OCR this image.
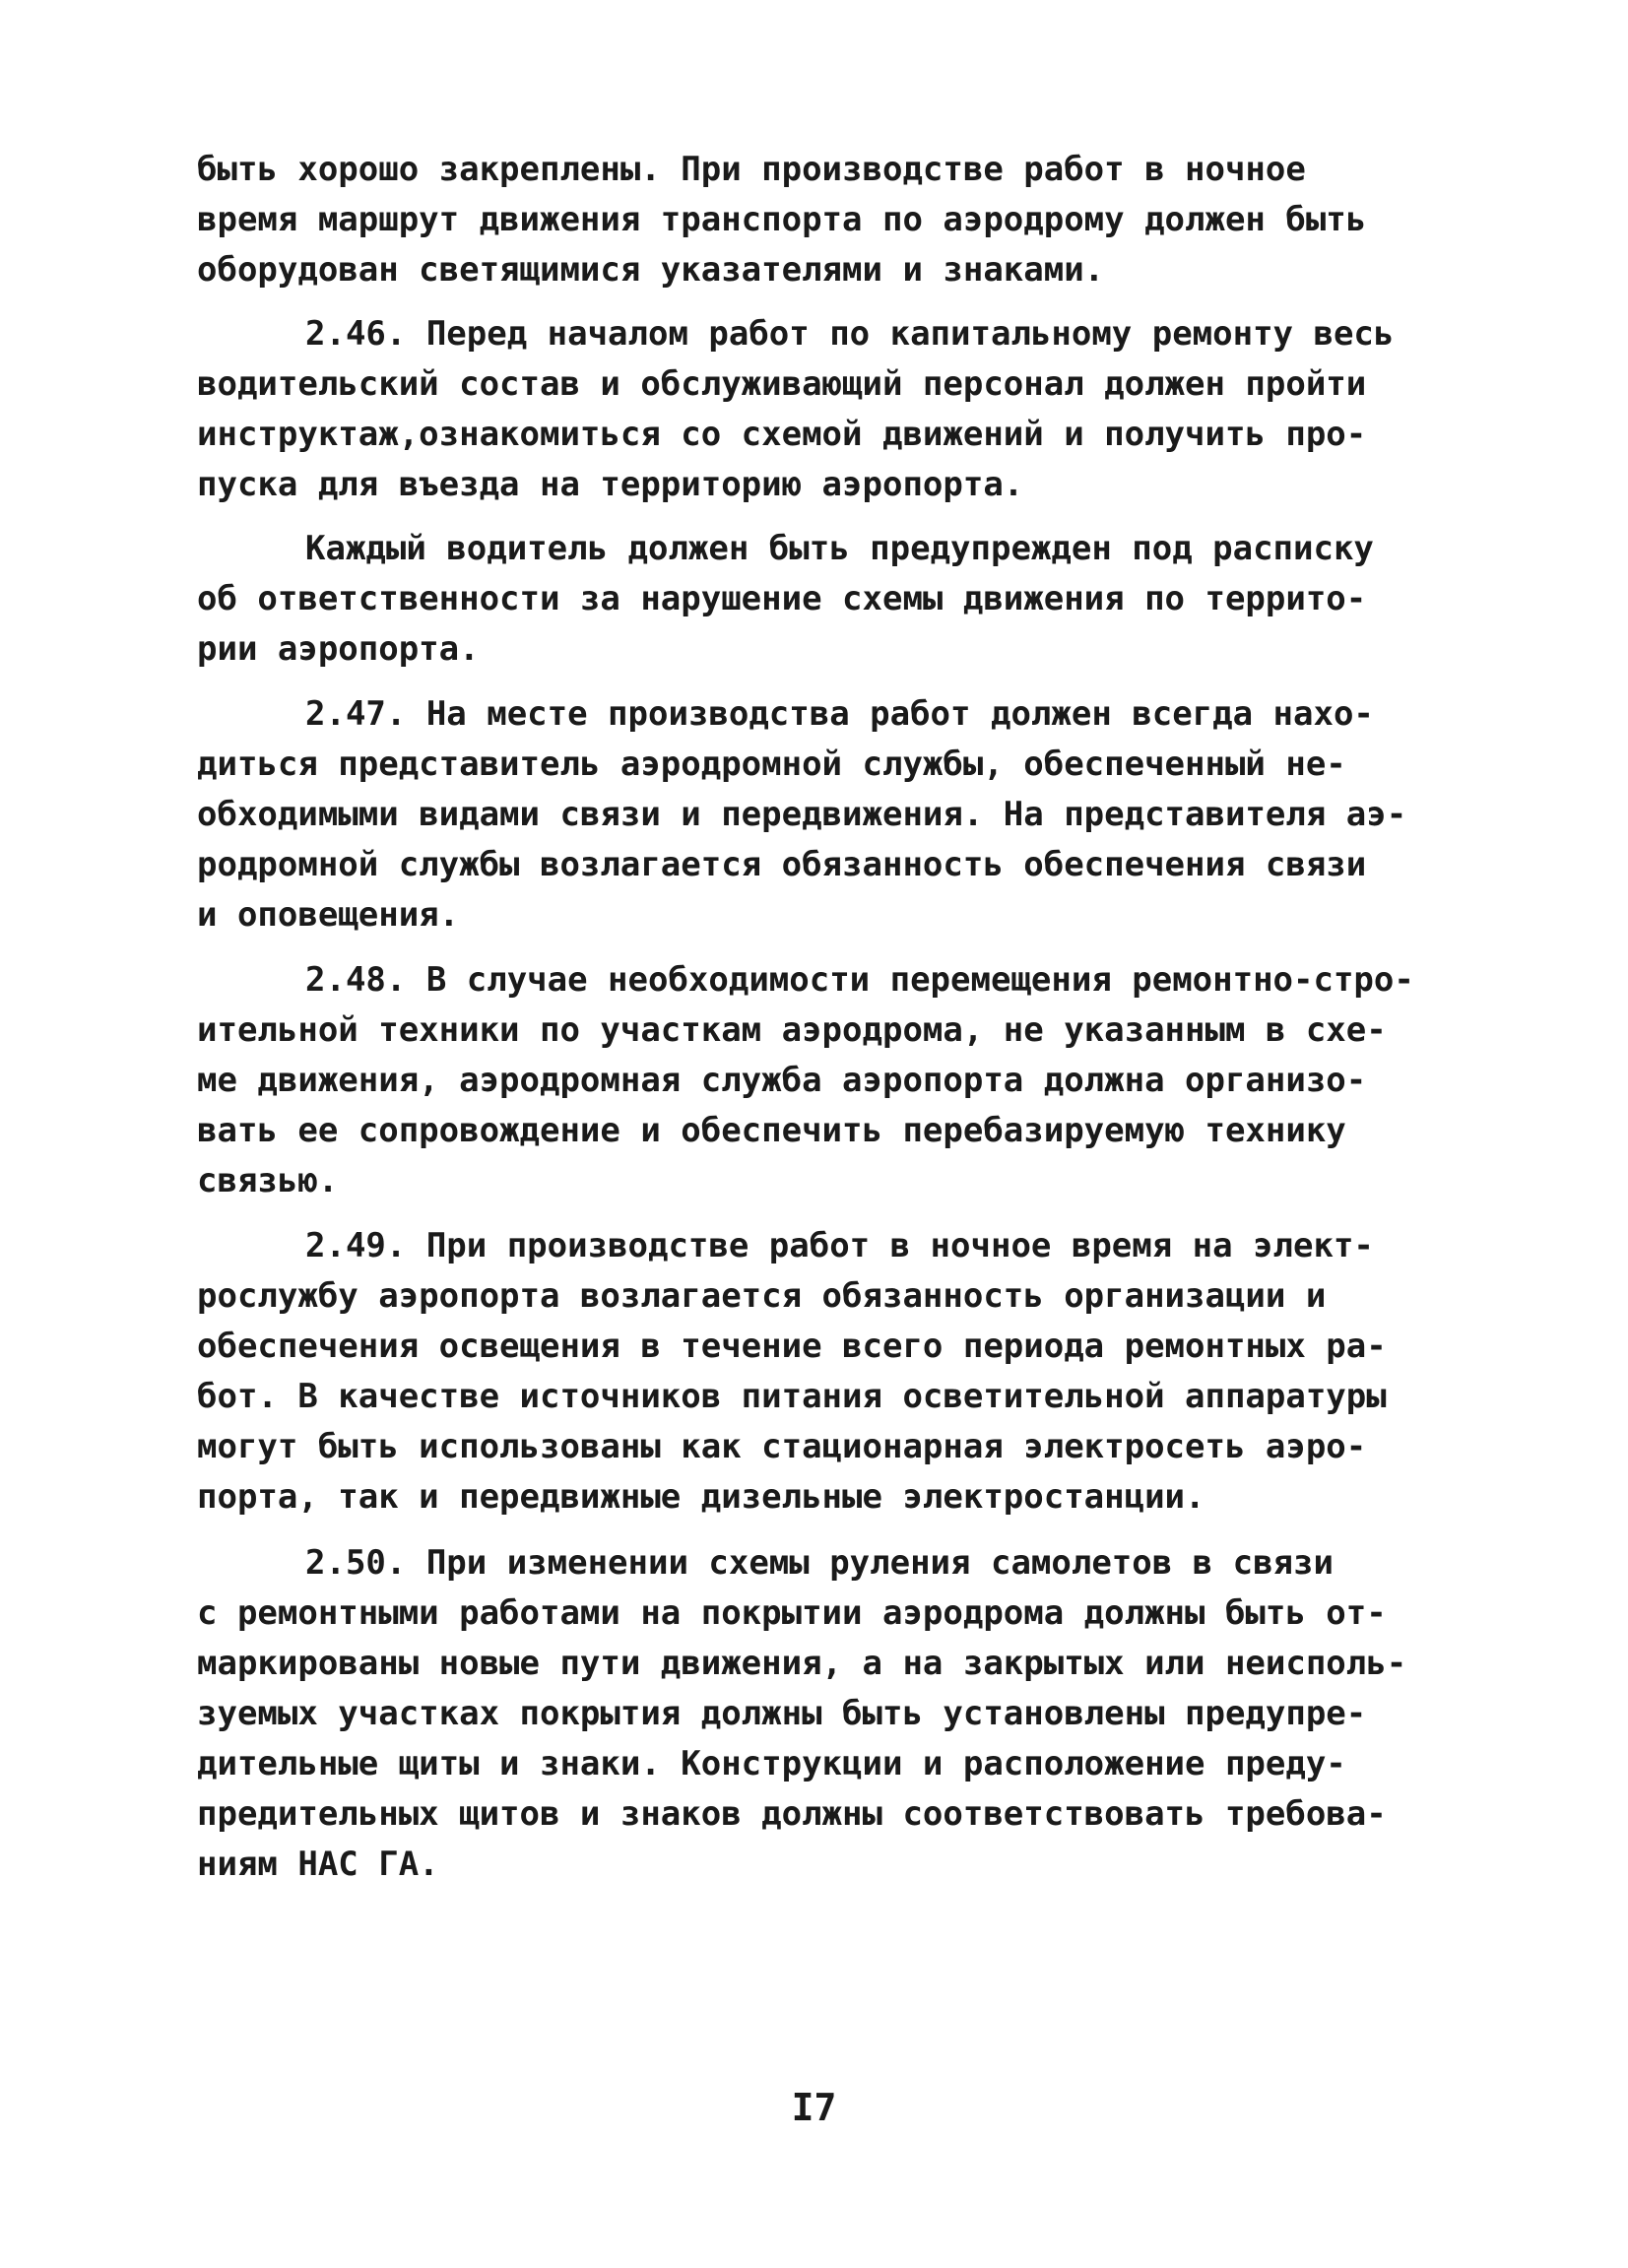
быть хорошо закреплены. При производстве работ в ночное
время маршрут движения транспорта по аэродрому должен быть
оборудован светящимися указателями и знаками.
2.46. Перед началом работ по капитальному ремонту весь
водительский состав и обслуживающий персонал должен пройти
инструктаж,ознакомиться со схемой движений и получить про-
пуска для въезда на территорию аэропорта.
Каждый водитель должен быть предупрежден под расписку
об ответственности за нарушение схемы движения по террито-
рии аэропорта.
2.47. На месте производства работ должен всегда нахо-
диться представитель аэродромной службы, обеспеченный не-
обходимыми видами связи и передвижения. На представителя аэ-
родромной службы возлагается обязанность обеспечения связи
и оповещения.
2.48. В случае необходимости перемещения ремонтно-стро-
ительной техники по участкам аэродрома, не указанным в схе-
ме движения, аэродромная служба аэропорта должна организо-
вать ее сопровождение и обеспечить перебазируемую технику
связью.
2.49. При производстве работ в ночное время на элект-
рослужбу аэропорта возлагается обязанность организации и
обеспечения освещения в течение всего периода ремонтных ра-
бот. В качестве источников питания осветительной аппаратуры
могут быть использованы как стационарная электросеть аэро-
порта, так и передвижные дизельные электростанции.
2.50. При изменении схемы руления самолетов в связи
с ремонтными работами на покрытии аэродрома должны быть от-
маркированы новые пути движения, а на закрытых или неисполь-
зуемых участках покрытия должны быть установлены предупре-
дительные щиты и знаки. Конструкции и расположение преду-
предительных щитов и знаков должны соответствовать требова-
ниям НАС ГА.
I7
